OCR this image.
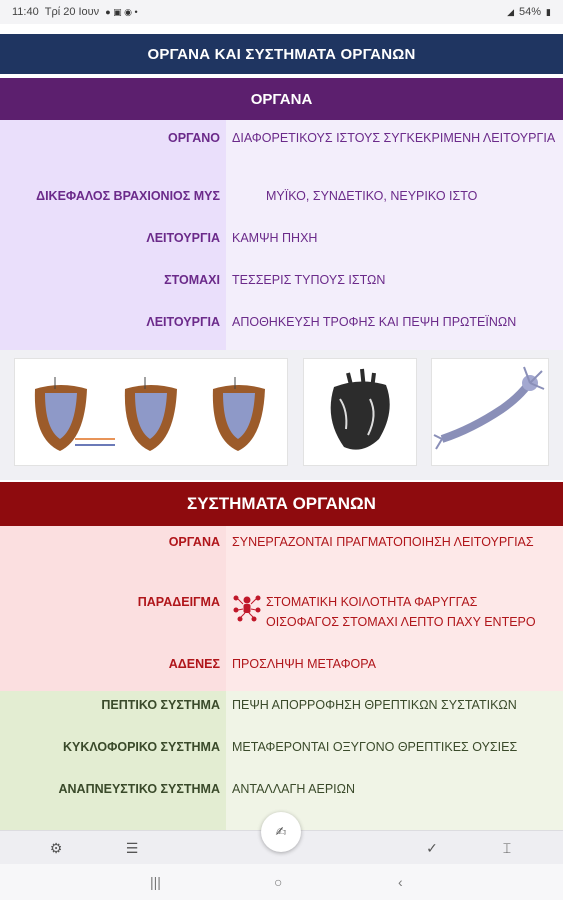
11:40 Τρί 20 Ιουν ● ▣ ◉ •	◢ 54% ▮
ΟΡΓΑΝΑ ΚΑΙ ΣΥΣΤΗΜΑΤΑ ΟΡΓΑΝΩΝ
ΟΡΓΑΝΑ
ΟΡΓΑΝΟ ΔΙΑΦΟΡΕΤΙΚΟΥΣ ΙΣΤΟΥΣ ΣΥΓΚΕΚΡΙΜΕΝΗ ΛΕΙΤΟΥΡΓΙΑ
ΔΙΚΕΦΑΛΟΣ ΒΡΑΧΙΟΝΙΟΣ ΜΥΣ	ΜΥΪΚΟ, ΣΥΝΔΕΤΙΚΟ, ΝΕΥΡΙΚΟ ΙΣΤΟ
ΛΕΙΤΟΥΡΓΙΑ ΚΑΜΨΗ ΠΗΧΗ
ΣΤΟΜΑΧΙ ΤΕΣΣΕΡΙΣ ΤΥΠΟΥΣ ΙΣΤΩΝ
ΛΕΙΤΟΥΡΓΙΑ ΑΠΟΘΗΚΕΥΣΗ ΤΡΟΦΗΣ ΚΑΙ ΠΕΨΗ ΠΡΩΤΕΪΝΩΝ
ΣΥΣΤΗΜΑΤΑ ΟΡΓΑΝΩΝ
ΟΡΓΑΝΑ ΣΥΝΕΡΓΑΖΟΝΤΑΙ ΠΡΑΓΜΑΤΟΠΟΙΗΣΗ ΛΕΙΤΟΥΡΓΙΑΣ
ΠΑΡΑΔΕΙΓΜΑ	ΣΤΟΜΑΤΙΚΗ ΚΟΙΛΟΤΗΤΑ ΦΑΡΥΓΓΑΣ
ΟΙΣΟΦΑΓΟΣ ΣΤΟΜΑΧΙ ΛΕΠΤΟ ΠΑΧΥ ΕΝΤΕΡΟ
ΑΔΕΝΕΣ ΠΡΟΣΛΗΨΗ ΜΕΤΑΦΟΡΑ
ΠΕΠΤΙΚΟ ΣΥΣΤΗΜΑ ΠΕΨΗ ΑΠΟΡΡΟΦΗΣΗ ΘΡΕΠΤΙΚΩΝ ΣΥΣΤΑΤΙΚΩΝ
ΚΥΚΛΟΦΟΡΙΚΟ ΣΥΣΤΗΜΑ ΜΕΤΑΦΕΡΟΝΤΑΙ ΟΞΥΓΟΝΟ ΘΡΕΠΤΙΚΕΣ ΟΥΣΙΕΣ
ΑΝΑΠΝΕΥΣΤΙΚΟ ΣΥΣΤΗΜΑ ΑΝΤΑΛΛΑΓΗ ΑΕΡΙΩΝ
⚙	☰	✓	⌶
✍
|||	○	‹
